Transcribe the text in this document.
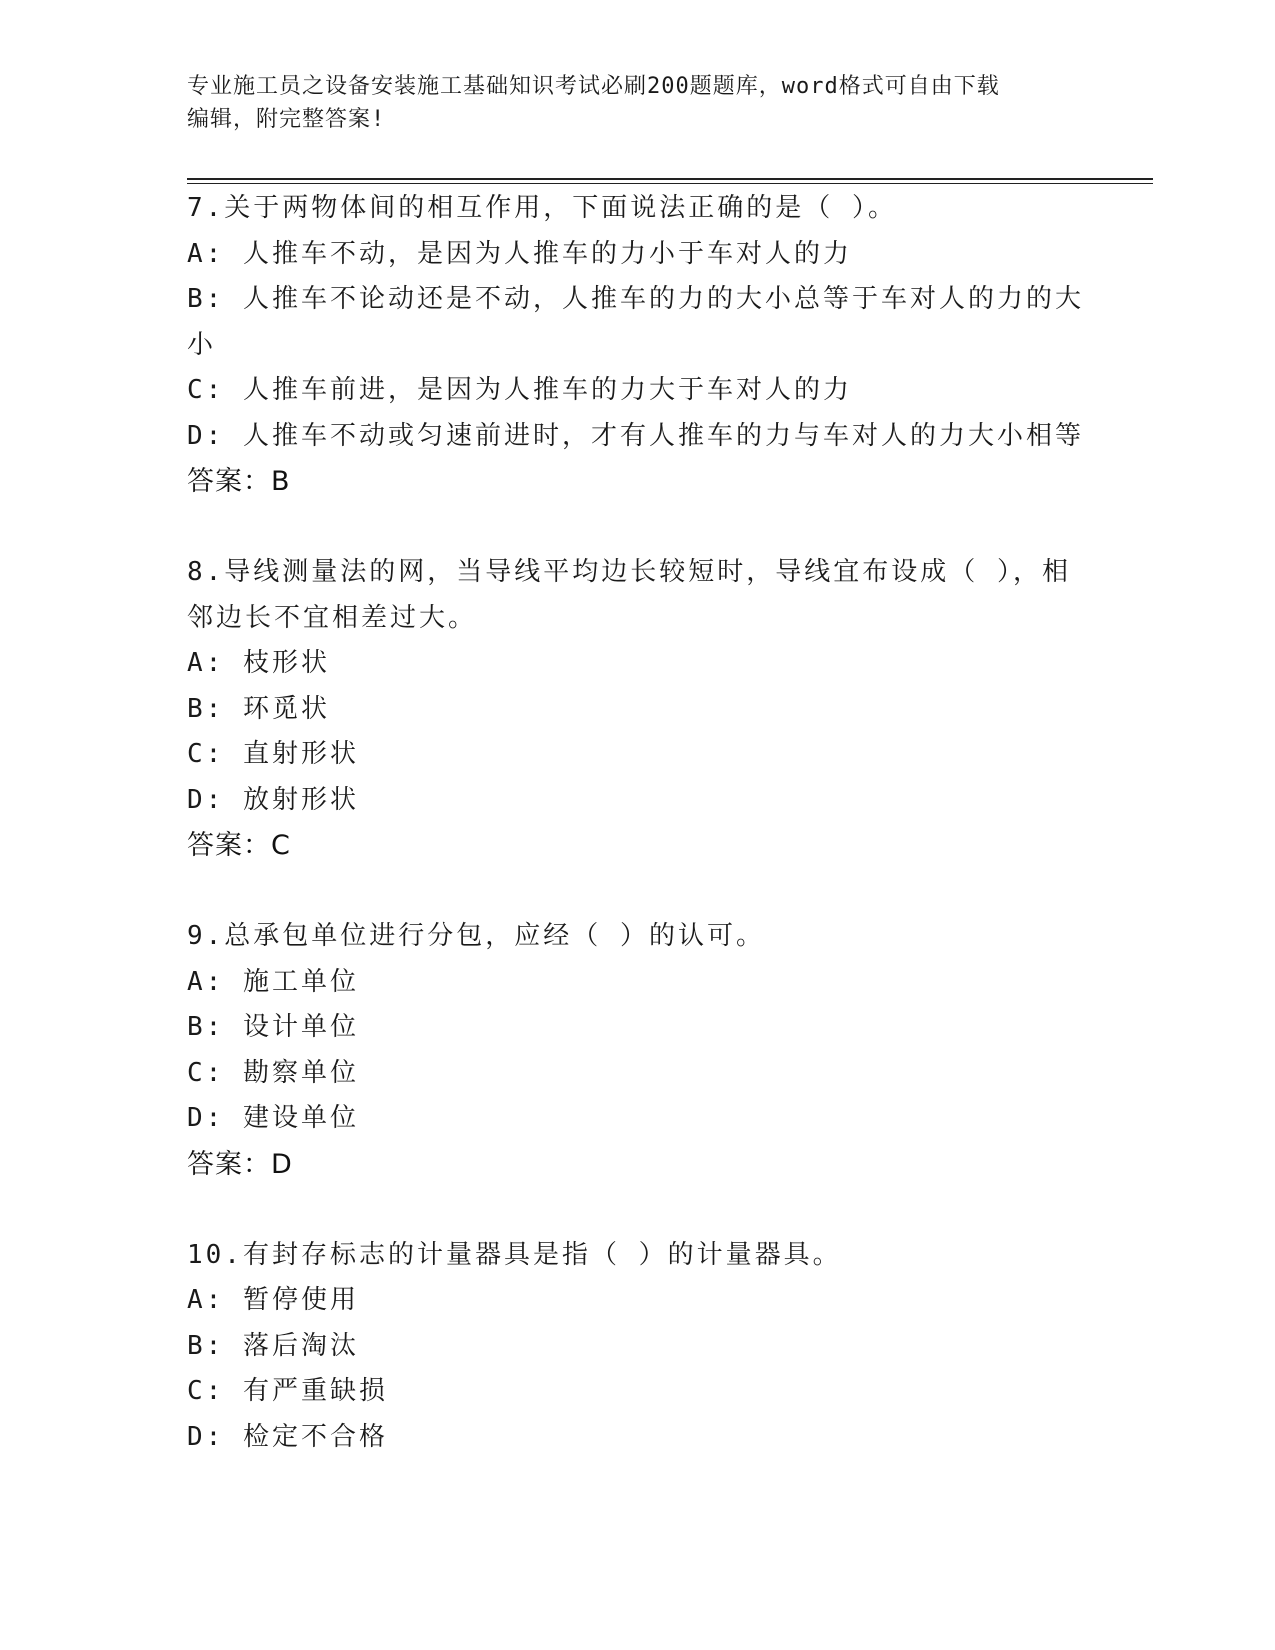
专业施工员之设备安装施工基础知识考试必刷200题题库，word格式可自由下载
编辑，附完整答案!
7.关于两物体间的相互作用，下面说法正确的是（ ）。
A: 人推车不动，是因为人推车的力小于车对人的力
B: 人推车不论动还是不动，人推车的力的大小总等于车对人的力的大小
C: 人推车前进，是因为人推车的力大于车对人的力
D: 人推车不动或匀速前进时，才有人推车的力与车对人的力大小相等
答案：B
8.导线测量法的网，当导线平均边长较短时，导线宜布设成（ ），相邻边长不宜相差过大。
A: 枝形状
B: 环觅状
C: 直射形状
D: 放射形状
答案：C
9.总承包单位进行分包，应经（ ）的认可。
A: 施工单位
B: 设计单位
C: 勘察单位
D: 建设单位
答案：D
10.有封存标志的计量器具是指（ ）的计量器具。
A: 暂停使用
B: 落后淘汰
C: 有严重缺损
D: 检定不合格
